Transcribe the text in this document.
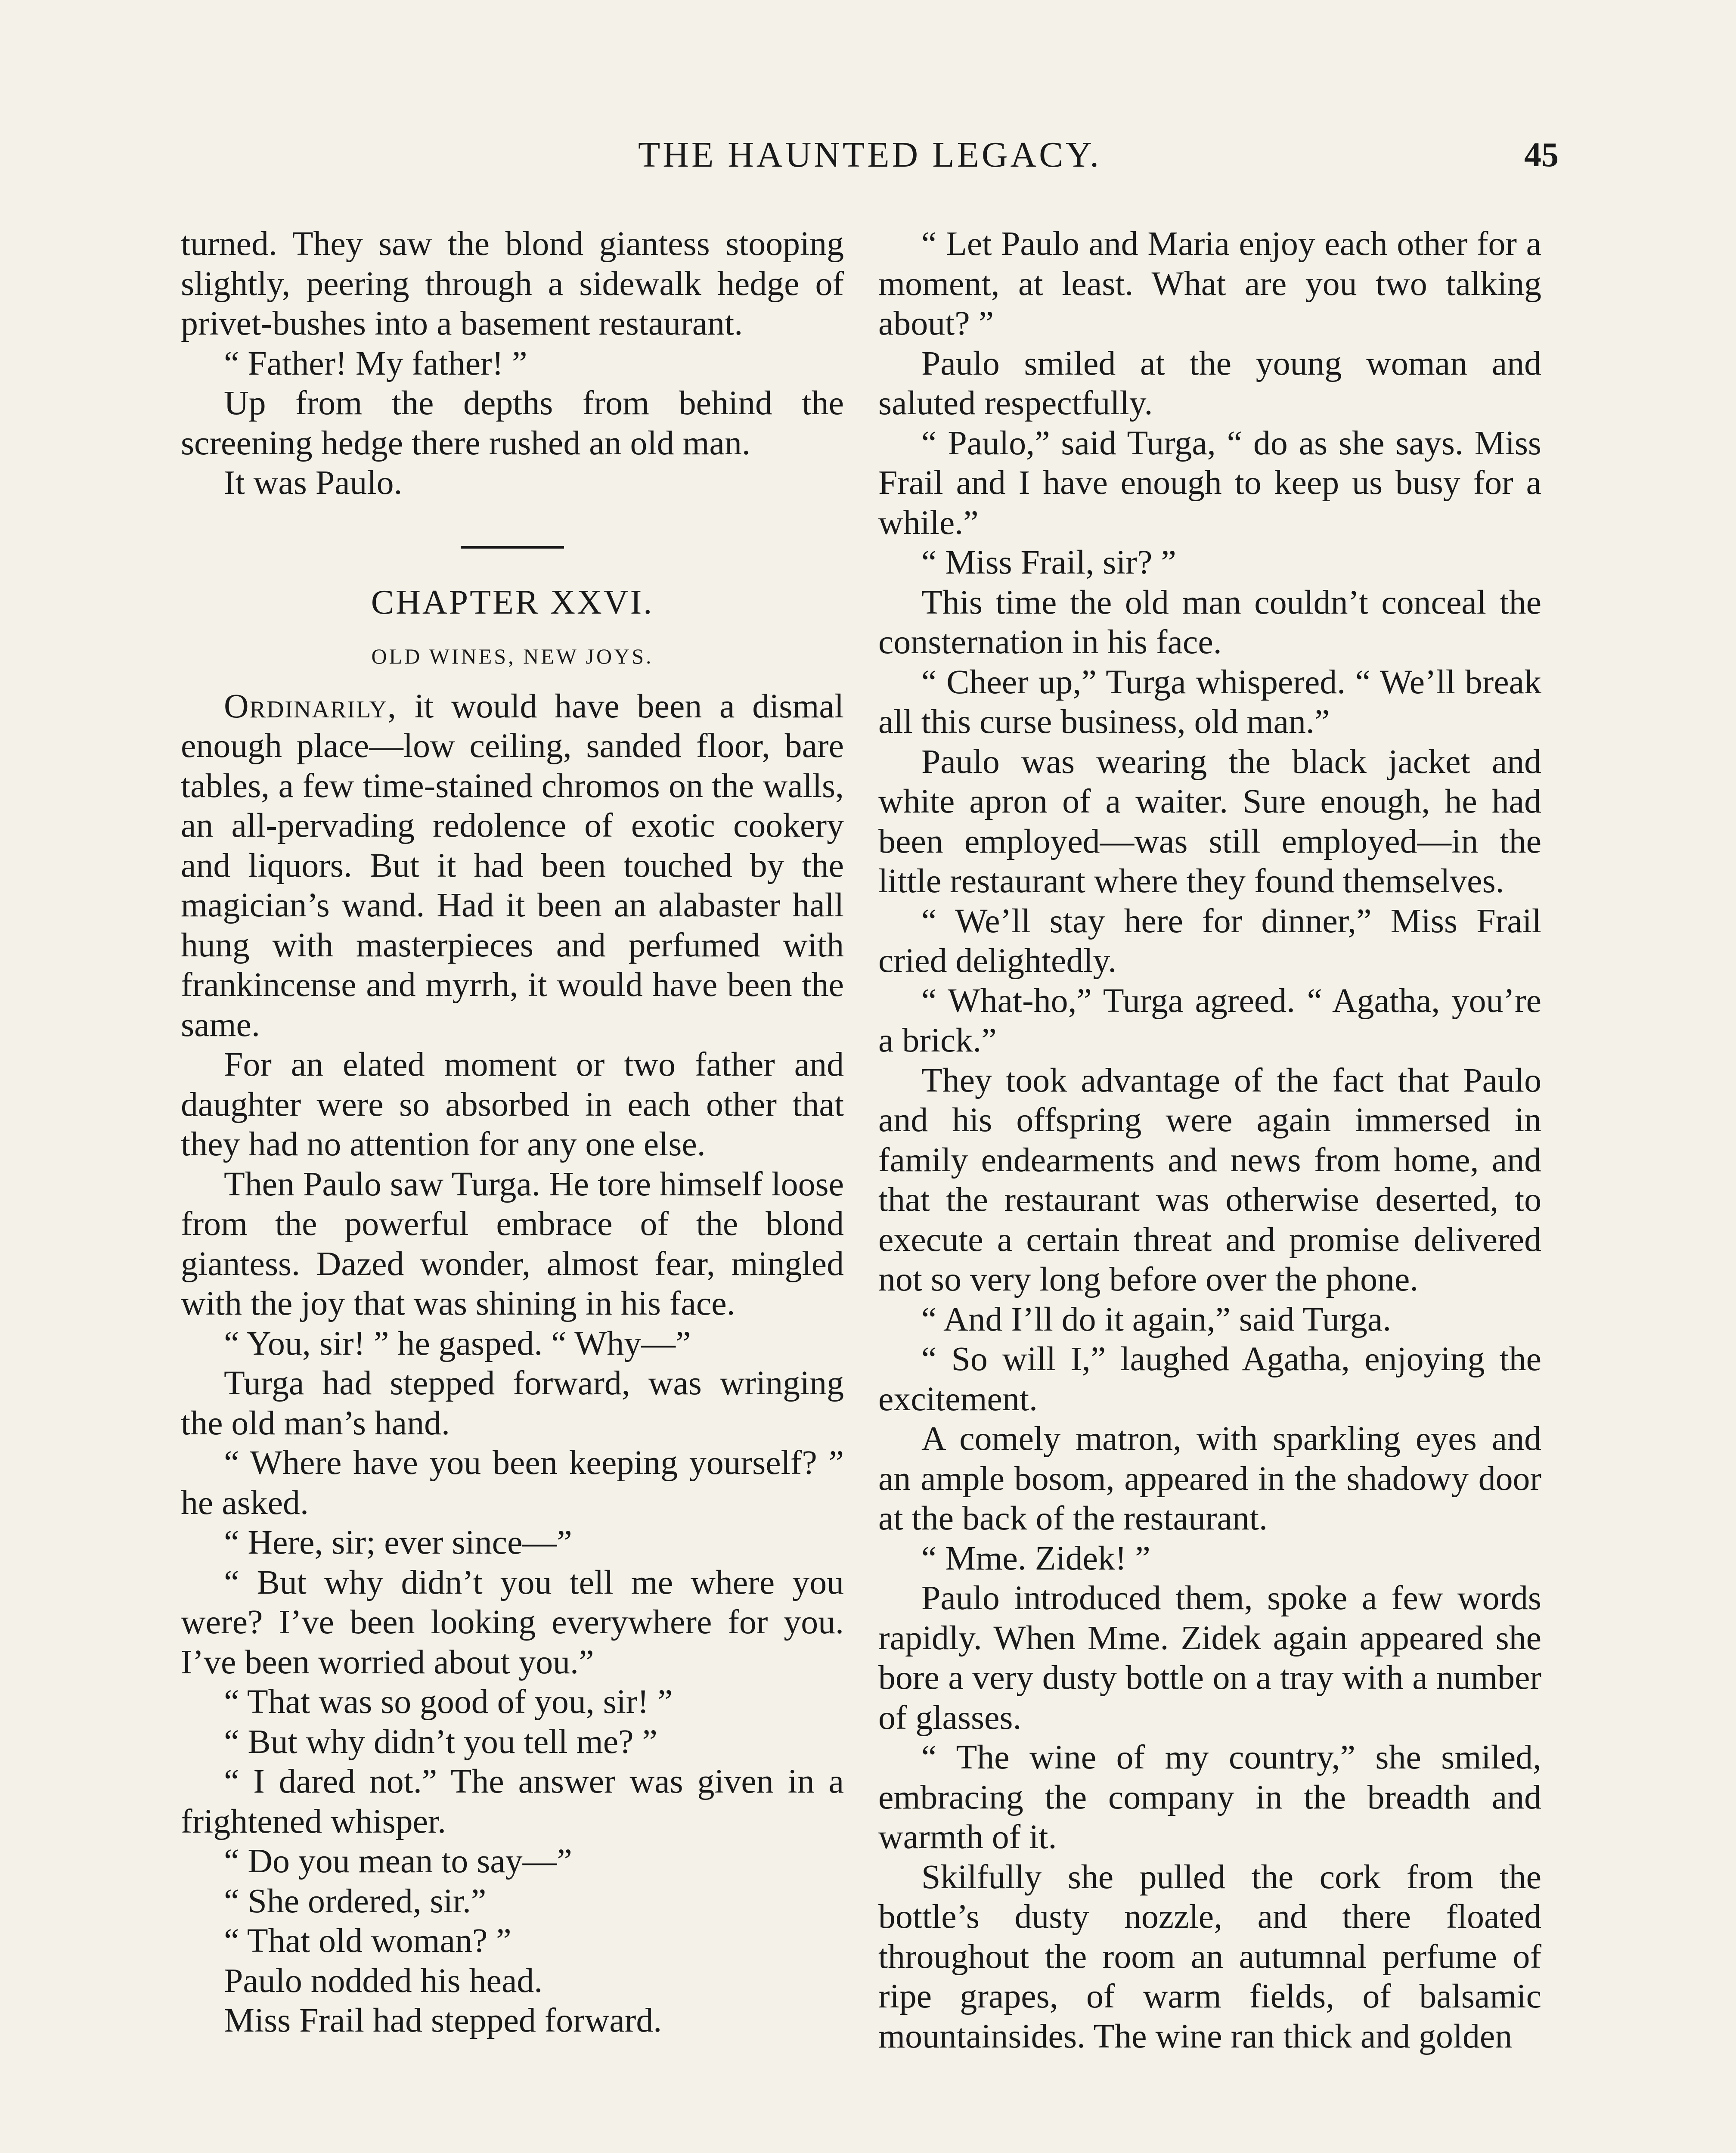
THE HAUNTED LEGACY.	45

turned. They saw the blond giantess stooping slightly, peering through a sidewalk hedge of privet-bushes into a basement restaurant.

“ Father! My father! ”

Up from the depths from behind the screening hedge there rushed an old man.

It was Paulo.

CHAPTER XXVI.
OLD WINES, NEW JOYS.

Ordinarily, it would have been a dismal enough place—low ceiling, sanded floor, bare tables, a few time-stained chromos on the walls, an all-pervading redolence of exotic cookery and liquors. But it had been touched by the magician’s wand. Had it been an alabaster hall hung with masterpieces and perfumed with frankincense and myrrh, it would have been the same.

For an elated moment or two father and daughter were so absorbed in each other that they had no attention for any one else.

Then Paulo saw Turga. He tore himself loose from the powerful embrace of the blond giantess. Dazed wonder, almost fear, mingled with the joy that was shining in his face.

“ You, sir! ” he gasped. “ Why—”

Turga had stepped forward, was wringing the old man’s hand.

“ Where have you been keeping yourself? ” he asked.

“ Here, sir; ever since—”

“ But why didn’t you tell me where you were? I’ve been looking everywhere for you. I’ve been worried about you.”

“ That was so good of you, sir! ”

“ But why didn’t you tell me? ”

“ I dared not.” The answer was given in a frightened whisper.

“ Do you mean to say—”

“ She ordered, sir.”

“ That old woman? ”

Paulo nodded his head.

Miss Frail had stepped forward.

“ Let Paulo and Maria enjoy each other for a moment, at least. What are you two talking about? ”

Paulo smiled at the young woman and saluted respectfully.

“ Paulo,” said Turga, “ do as she says. Miss Frail and I have enough to keep us busy for a while.”

“ Miss Frail, sir? ”

This time the old man couldn’t conceal the consternation in his face.

“ Cheer up,” Turga whispered. “ We’ll break all this curse business, old man.”

Paulo was wearing the black jacket and white apron of a waiter. Sure enough, he had been employed—was still employed—in the little restaurant where they found themselves.

“ We’ll stay here for dinner,” Miss Frail cried delightedly.

“ What-ho,” Turga agreed. “ Agatha, you’re a brick.”

They took advantage of the fact that Paulo and his offspring were again immersed in family endearments and news from home, and that the restaurant was otherwise deserted, to execute a certain threat and promise delivered not so very long before over the phone.

“ And I’ll do it again,” said Turga.

“ So will I,” laughed Agatha, enjoying the excitement.

A comely matron, with sparkling eyes and an ample bosom, appeared in the shadowy door at the back of the restaurant.

“ Mme. Zidek! ”

Paulo introduced them, spoke a few words rapidly. When Mme. Zidek again appeared she bore a very dusty bottle on a tray with a number of glasses.

“ The wine of my country,” she smiled, embracing the company in the breadth and warmth of it.

Skilfully she pulled the cork from the bottle’s dusty nozzle, and there floated throughout the room an autumnal perfume of ripe grapes, of warm fields, of balsamic mountainsides. The wine ran thick and golden
